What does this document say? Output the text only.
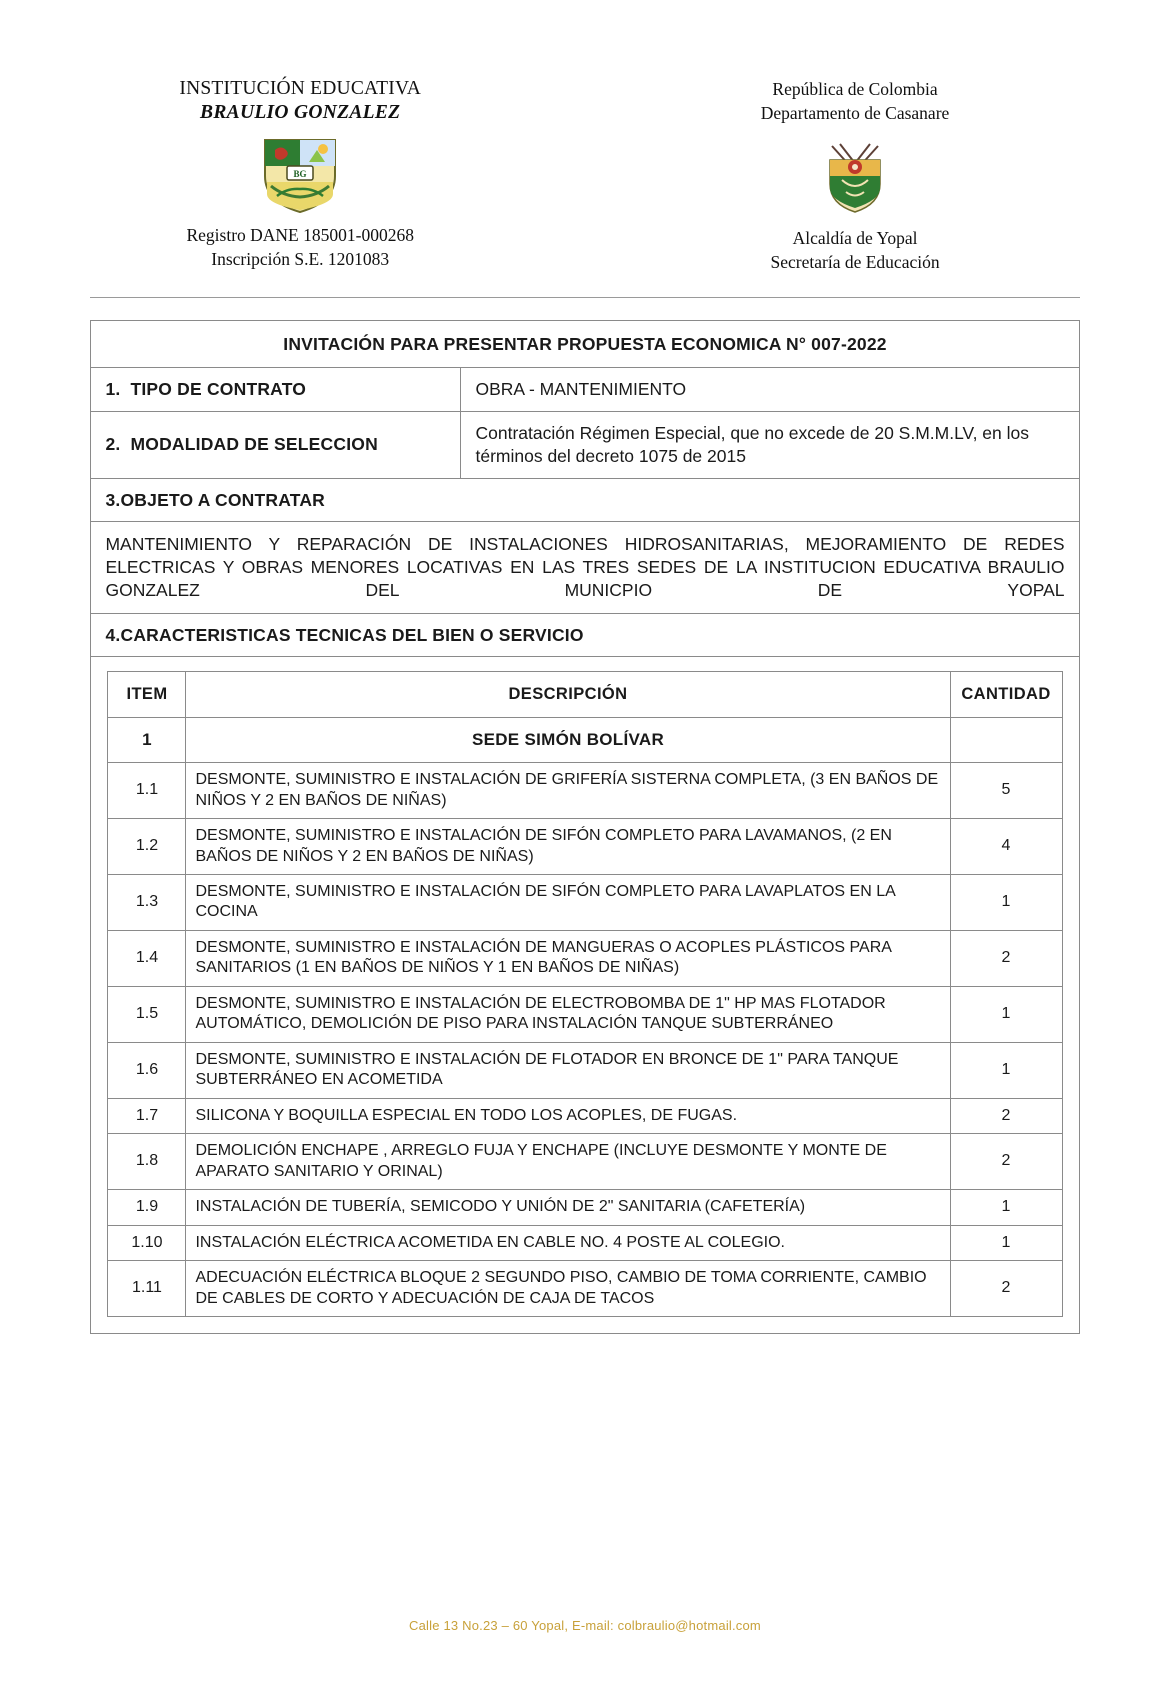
INSTITUCIÓN EDUCATIVA
BRAULIO GONZALEZ
BG
Registro DANE 185001-000268
Inscripción S.E. 1201083
República de Colombia
Departamento de Casanare
Alcaldía de Yopal
Secretaría de Educación
INVITACIÓN PARA PRESENTAR PROPUESTA ECONOMICA N° 007-2022
1. TIPO DE CONTRATO	OBRA - MANTENIMIENTO
2. MODALIDAD DE SELECCION	Contratación Régimen Especial, que no excede de 20 S.M.M.LV, en los términos del decreto 1075 de 2015
3.OBJETO A CONTRATAR
MANTENIMIENTO Y REPARACIÓN DE INSTALACIONES HIDROSANITARIAS, MEJORAMIENTO DE REDES ELECTRICAS Y OBRAS MENORES LOCATIVAS EN LAS TRES SEDES DE LA INSTITUCION EDUCATIVA BRAULIO GONZALEZ DEL MUNICPIO DE YOPAL
4.CARACTERISTICAS TECNICAS DEL BIEN O SERVICIO

ITEM	DESCRIPCIÓN	CANTIDAD
1	SEDE SIMÓN BOLÍVAR	
1.1	DESMONTE, SUMINISTRO E INSTALACIÓN DE GRIFERÍA SISTERNA COMPLETA, (3 EN BAÑOS DE NIÑOS Y 2 EN BAÑOS DE NIÑAS)	5
1.2	DESMONTE, SUMINISTRO E INSTALACIÓN DE SIFÓN COMPLETO PARA LAVAMANOS, (2 EN BAÑOS DE NIÑOS Y 2 EN BAÑOS DE NIÑAS)	4
1.3	DESMONTE, SUMINISTRO E INSTALACIÓN DE SIFÓN COMPLETO PARA LAVAPLATOS EN LA COCINA	1
1.4	DESMONTE, SUMINISTRO E INSTALACIÓN DE MANGUERAS O ACOPLES PLÁSTICOS PARA SANITARIOS (1 EN BAÑOS DE NIÑOS Y 1 EN BAÑOS DE NIÑAS)	2
1.5	DESMONTE, SUMINISTRO E INSTALACIÓN DE ELECTROBOMBA DE 1" HP MAS FLOTADOR AUTOMÁTICO, DEMOLICIÓN DE PISO PARA INSTALACIÓN TANQUE SUBTERRÁNEO	1
1.6	DESMONTE, SUMINISTRO E INSTALACIÓN DE FLOTADOR EN BRONCE DE 1" PARA TANQUE SUBTERRÁNEO EN ACOMETIDA	1
1.7	SILICONA Y BOQUILLA ESPECIAL EN TODO LOS ACOPLES, DE FUGAS.	2
1.8	DEMOLICIÓN ENCHAPE , ARREGLO FUJA Y ENCHAPE (INCLUYE DESMONTE Y MONTE DE APARATO SANITARIO Y ORINAL)	2
1.9	INSTALACIÓN DE TUBERÍA, SEMICODO Y UNIÓN DE 2" SANITARIA (CAFETERÍA)	1
1.10	INSTALACIÓN ELÉCTRICA ACOMETIDA EN CABLE NO. 4 POSTE AL COLEGIO.	1
1.11	ADECUACIÓN ELÉCTRICA BLOQUE 2 SEGUNDO PISO, CAMBIO DE TOMA CORRIENTE, CAMBIO DE CABLES DE CORTO Y ADECUACIÓN DE CAJA DE TACOS	2
Calle 13 No.23 – 60 Yopal, E-mail: colbraulio@hotmail.com
